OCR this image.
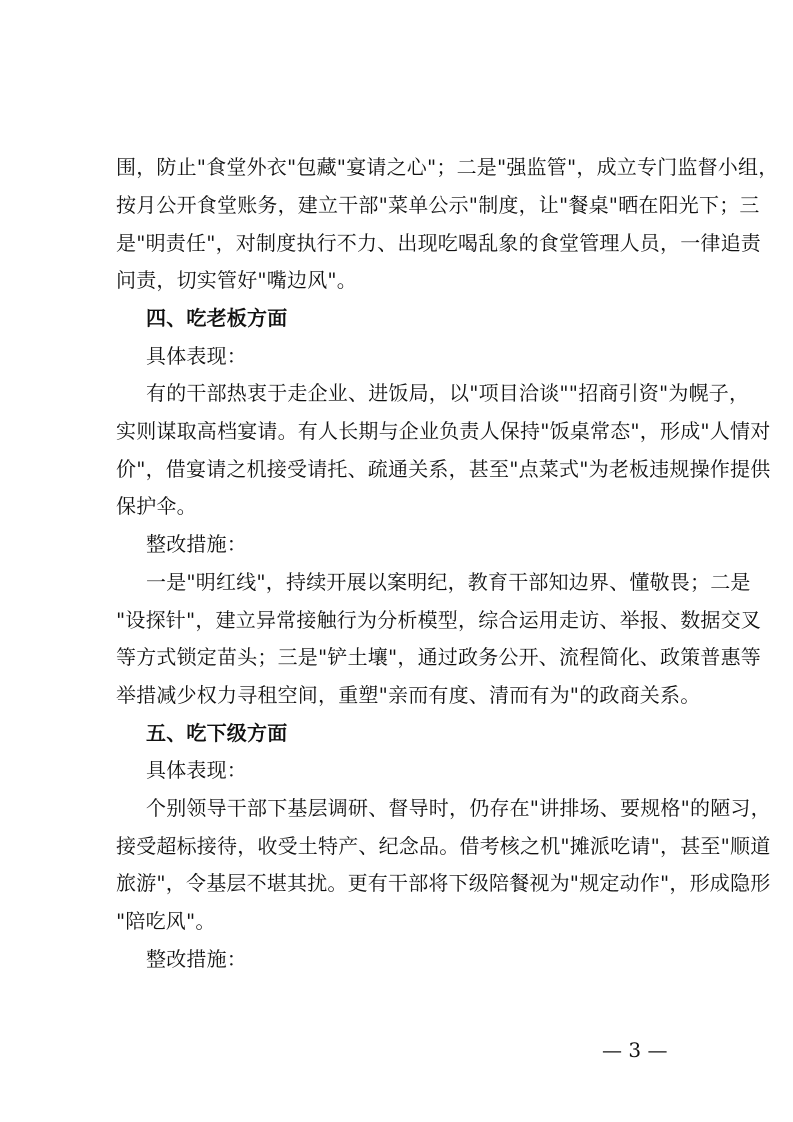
围，防止"食堂外衣"包藏"宴请之心"；二是"强监管"，成立专门监督小组，
按月公开食堂账务，建立干部"菜单公示"制度，让"餐桌"晒在阳光下；三
是"明责任"，对制度执行不力、出现吃喝乱象的食堂管理人员，一律追责
问责，切实管好"嘴边风"。
四、吃老板方面
具体表现：
有的干部热衷于走企业、进饭局，以"项目洽谈""招商引资"为幌子，
实则谋取高档宴请。有人长期与企业负责人保持"饭桌常态"，形成"人情对
价"，借宴请之机接受请托、疏通关系，甚至"点菜式"为老板违规操作提供
保护伞。
整改措施：
一是"明红线"，持续开展以案明纪，教育干部知边界、懂敬畏；二是
"设探针"，建立异常接触行为分析模型，综合运用走访、举报、数据交叉
等方式锁定苗头；三是"铲土壤"，通过政务公开、流程简化、政策普惠等
举措减少权力寻租空间，重塑"亲而有度、清而有为"的政商关系。
五、吃下级方面
具体表现：
个别领导干部下基层调研、督导时，仍存在"讲排场、要规格"的陋习，
接受超标接待，收受土特产、纪念品。借考核之机"摊派吃请"，甚至"顺道
旅游"，令基层不堪其扰。更有干部将下级陪餐视为"规定动作"，形成隐形
"陪吃风"。
整改措施：
— 3 —
